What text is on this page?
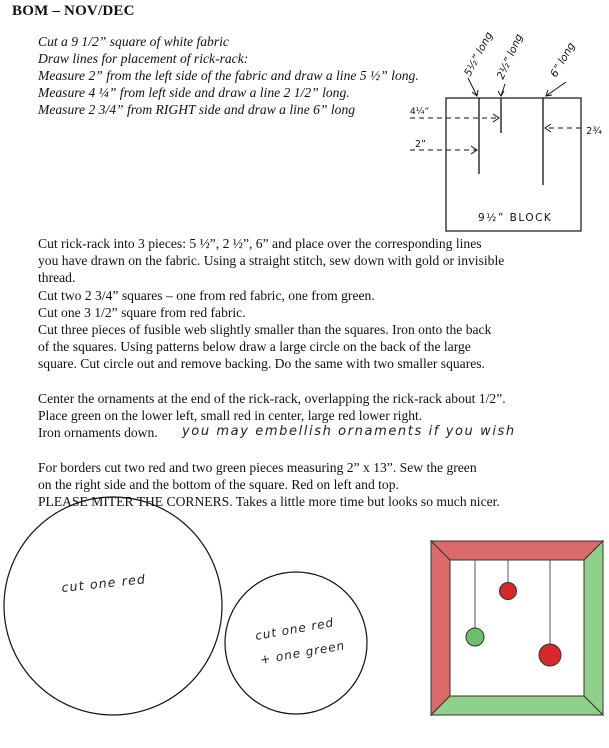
BOM – NOV/DEC
Cut a 9 1/2” square of white fabric
Draw lines for placement of rick-rack:
Measure 2” from the left side of the fabric and draw a line 5 ½” long.
Measure 4 ¼” from left side and draw a line 2 1/2” long.
Measure 2 3/4” from RIGHT side and draw a line 6” long
5½” long 2½” long 6” long
4¼”
2”
2¾
9½” BLOCK
Cut rick-rack into 3 pieces: 5 ½”, 2 ½”, 6” and place over the corresponding lines
you have drawn on the fabric. Using a straight stitch, sew down with gold or invisible
thread.
Cut two 2 3/4” squares – one from red fabric, one from green.
Cut one 3 1/2” square from red fabric.
Cut three pieces of fusible web slightly smaller than the squares. Iron onto the back
of the squares. Using patterns below draw a large circle on the back of the large
square. Cut circle out and remove backing. Do the same with two smaller squares.
Center the ornaments at the end of the rick-rack, overlapping the rick-rack about 1/2”.
Place green on the lower left, small red in center, large red lower right.
Iron ornaments down. you may embellish ornaments if you wish
For borders cut two red and two green pieces measuring 2” x 13”. Sew the green
on the right side and the bottom of the square. Red on left and top.
PLEASE MITER THE CORNERS. Takes a little more time but looks so much nicer.
cut one red
cut one red
+ one green
